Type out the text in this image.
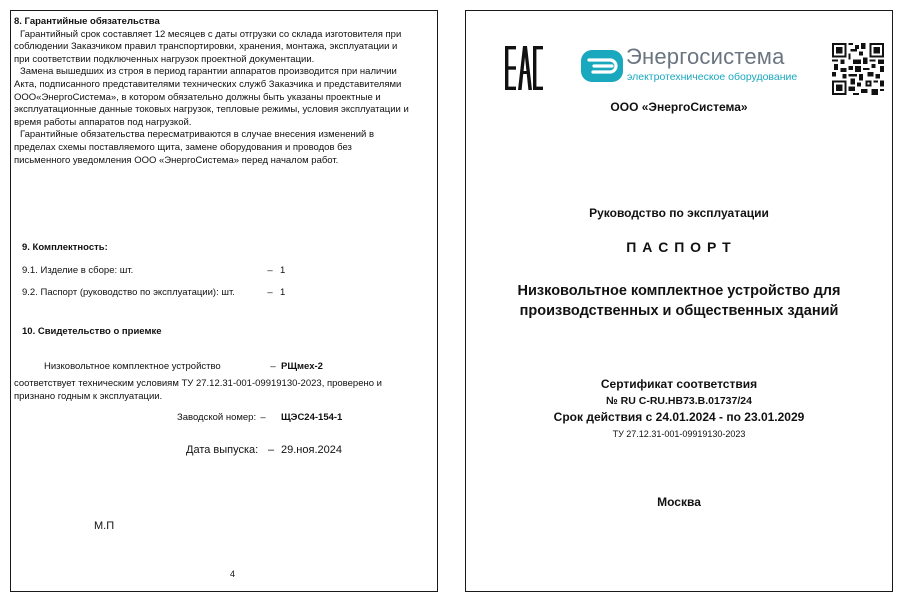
8. Гарантийные обязательства
Гарантийный срок составляет 12 месяцев с даты отгрузки со склада изготовителя при
соблюдении Заказчиком правил транспортировки, хранения, монтажа, эксплуатации и
при соответствии подключенных нагрузок проектной документации.
Замена вышедших из строя в период гарантии аппаратов производится при наличии
Акта, подписанного представителями технических служб Заказчика и представителями
ООО«ЭнергоСистема», в котором обязательно должны быть указаны проектные и
эксплуатационные данные токовых нагрузок, тепловые режимы, условия эксплуатации и
время работы аппаратов под нагрузкой.
Гарантийные обязательства пересматриваются в случае внесения изменений в
пределах схемы поставляемого щита, замене оборудования и проводов без
письменного уведомления ООО «ЭнергоСистема» перед началом работ.
9. Комплектность:
9.1. Изделие в сборе: шт.	– 1
9.2. Паспорт (руководство по эксплуатации): шт.	– 1
10. Свидетельство о приемке
Низковольтное комплектное устройство	– РЩмех-2
соответствует техническим условиям ТУ 27.12.31-001-09919130-2023, проверено и
признано годным к эксплуатации.
Заводской номер: – ЩЭС24-154-1
Дата выпуска: – 29.ноя.2024
М.П
4
Энергосистема
электротехническое оборудование
ООО «ЭнергоСистема»
Руководство по эксплуатации
П А С П О Р Т
Низковольтное комплектное устройство для
производственных и общественных зданий
Сертификат соответствия
№ RU C-RU.HB73.B.01737/24
Срок действия с 24.01.2024 - по 23.01.2029
ТУ 27.12.31-001-09919130-2023
Москва
